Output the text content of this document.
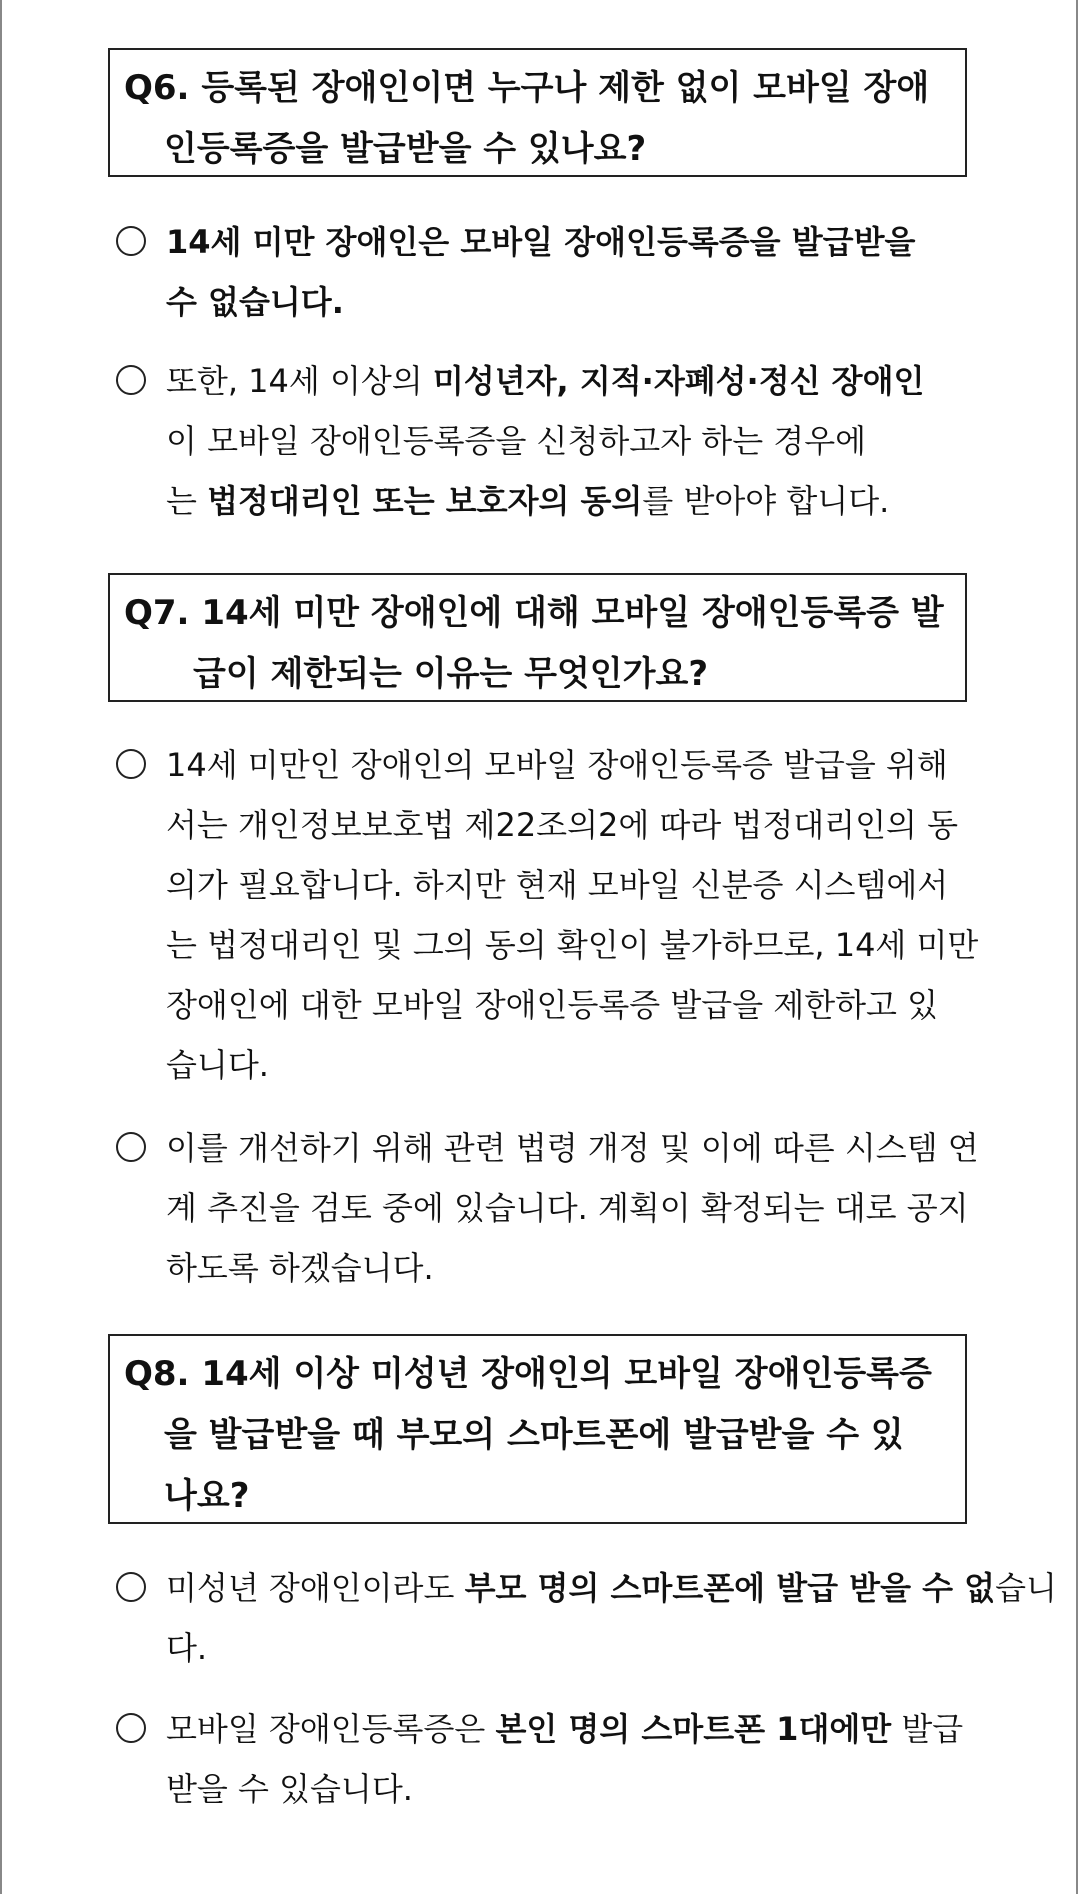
Q6. 등록된 장애인이면 누구나 제한 없이 모바일 장애
인등록증을 발급받을 수 있나요?
14세 미만 장애인은 모바일 장애인등록증을 발급받을
수 없습니다.
또한, 14세 이상의 미성년자, 지적·자폐성·정신 장애인
이 모바일 장애인등록증을 신청하고자 하는 경우에
는 법정대리인 또는 보호자의 동의를 받아야 합니다.
Q7. 14세 미만 장애인에 대해 모바일 장애인등록증 발
급이 제한되는 이유는 무엇인가요?
14세 미만인 장애인의 모바일 장애인등록증 발급을 위해
서는 개인정보보호법 제22조의2에 따라 법정대리인의 동
의가 필요합니다. 하지만 현재 모바일 신분증 시스템에서
는 법정대리인 및 그의 동의 확인이 불가하므로, 14세 미만
장애인에 대한 모바일 장애인등록증 발급을 제한하고 있
습니다.
이를 개선하기 위해 관련 법령 개정 및 이에 따른 시스템 연
계 추진을 검토 중에 있습니다. 계획이 확정되는 대로 공지
하도록 하겠습니다.
Q8. 14세 이상 미성년 장애인의 모바일 장애인등록증
을 발급받을 때 부모의 스마트폰에 발급받을 수 있
나요?
미성년 장애인이라도 부모 명의 스마트폰에 발급 받을 수 없습니
다.
모바일 장애인등록증은 본인 명의 스마트폰 1대에만 발급
받을 수 있습니다.
